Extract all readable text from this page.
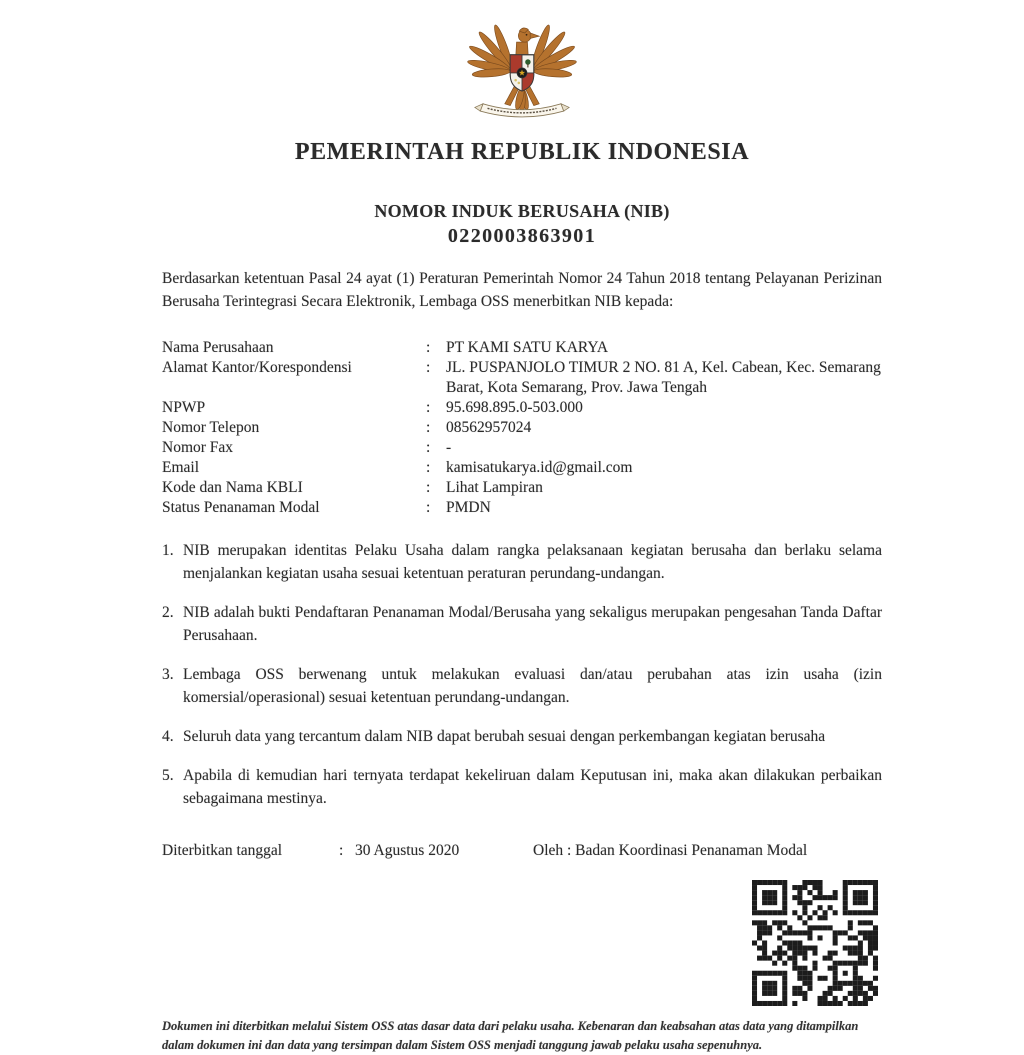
PEMERINTAH REPUBLIK INDONESIA
NOMOR INDUK BERUSAHA (NIB)
0220003863901

Berdasarkan ketentuan Pasal 24 ayat (1) Peraturan Pemerintah Nomor 24 Tahun 2018 tentang Pelayanan Perizinan Berusaha Terintegrasi Secara Elektronik, Lembaga OSS menerbitkan NIB kepada:

Nama Perusahaan	:	PT KAMI SATU KARYA
Alamat Kantor/Korespondensi	:	JL. PUSPANJOLO TIMUR 2 NO. 81 A, Kel. Cabean, Kec. Semarang Barat, Kota Semarang, Prov. Jawa Tengah
NPWP	:	95.698.895.0-503.000
Nomor Telepon	:	08562957024
Nomor Fax	:	-
Email	:	kamisatukarya.id@gmail.com
Kode dan Nama KBLI	:	Lihat Lampiran
Status Penanaman Modal	:	PMDN
NIB merupakan identitas Pelaku Usaha dalam rangka pelaksanaan kegiatan berusaha dan berlaku selama menjalankan kegiatan usaha sesuai ketentuan peraturan perundang-undangan.
NIB adalah bukti Pendaftaran Penanaman Modal/Berusaha yang sekaligus merupakan pengesahan Tanda Daftar Perusahaan.
Lembaga OSS berwenang untuk melakukan evaluasi dan/atau perubahan atas izin usaha (izin komersial/operasional) sesuai ketentuan perundang-undangan.
Seluruh data yang tercantum dalam NIB dapat berubah sesuai dengan perkembangan kegiatan berusaha
Apabila di kemudian hari ternyata terdapat kekeliruan dalam Keputusan ini, maka akan dilakukan perbaikan sebagaimana mestinya.
Diterbitkan tanggal	: 30 Agustus 2020	Oleh : Badan Koordinasi Penanaman Modal

Dokumen ini diterbitkan melalui Sistem OSS atas dasar data dari pelaku usaha. Kebenaran dan keabsahan atas data yang ditampilkan dalam dokumen ini dan data yang tersimpan dalam Sistem OSS menjadi tanggung jawab pelaku usaha sepenuhnya.
